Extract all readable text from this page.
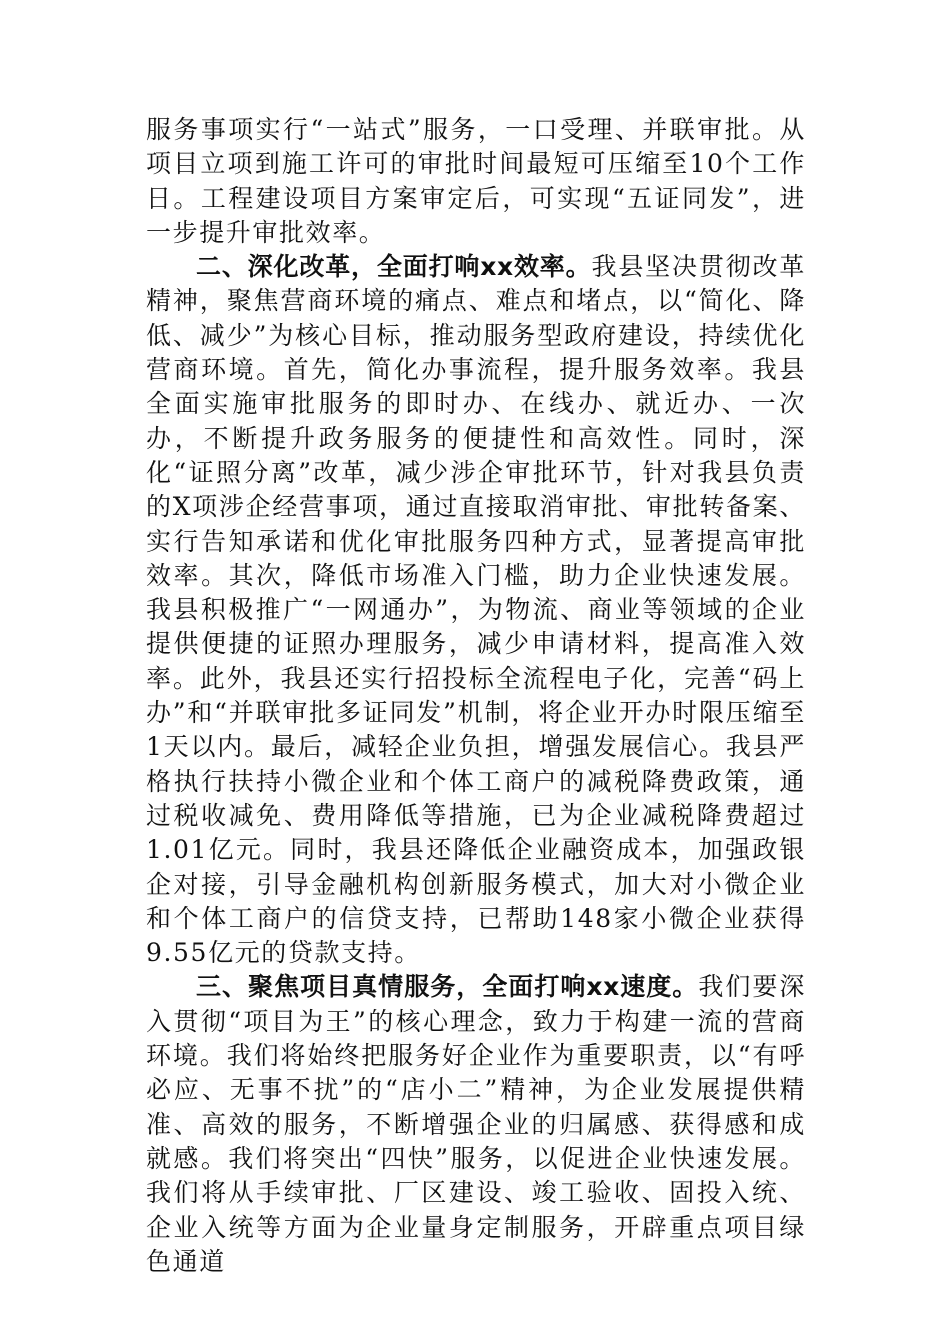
服务事项实行“一站式”服务，一口受理、并联审批。从项目立项到施工许可的审批时间最短可压缩至10个工作日。工程建设项目方案审定后，可实现“五证同发”，进一步提升审批效率。

二、深化改革，全面打响xx效率。我县坚决贯彻改革精神，聚焦营商环境的痛点、难点和堵点，以“简化、降低、减少”为核心目标，推动服务型政府建设，持续优化营商环境。首先，简化办事流程，提升服务效率。我县全面实施审批服务的即时办、在线办、就近办、一次办，不断提升政务服务的便捷性和高效性。同时，深化“证照分离”改革，减少涉企审批环节，针对我县负责的X项涉企经营事项，通过直接取消审批、审批转备案、实行告知承诺和优化审批服务四种方式，显著提高审批效率。其次，降低市场准入门槛，助力企业快速发展。我县积极推广“一网通办”，为物流、商业等领域的企业提供便捷的证照办理服务，减少申请材料，提高准入效率。此外，我县还实行招投标全流程电子化，完善“码上办”和“并联审批多证同发”机制，将企业开办时限压缩至1天以内。最后，减轻企业负担，增强发展信心。我县严格执行扶持小微企业和个体工商户的减税降费政策，通过税收减免、费用降低等措施，已为企业减税降费超过1.01亿元。同时，我县还降低企业融资成本，加强政银企对接，引导金融机构创新服务模式，加大对小微企业和个体工商户的信贷支持，已帮助148家小微企业获得9.55亿元的贷款支持。

三、聚焦项目真情服务，全面打响xx速度。我们要深入贯彻“项目为王”的核心理念，致力于构建一流的营商环境。我们将始终把服务好企业作为重要职责，以“有呼必应、无事不扰”的“店小二”精神，为企业发展提供精准、高效的服务，不断增强企业的归属感、获得感和成就感。我们将突出“四快”服务，以促进企业快速发展。我们将从手续审批、厂区建设、竣工验收、固投入统、企业入统等方面为企业量身定制服务，开辟重点项目绿色通道
